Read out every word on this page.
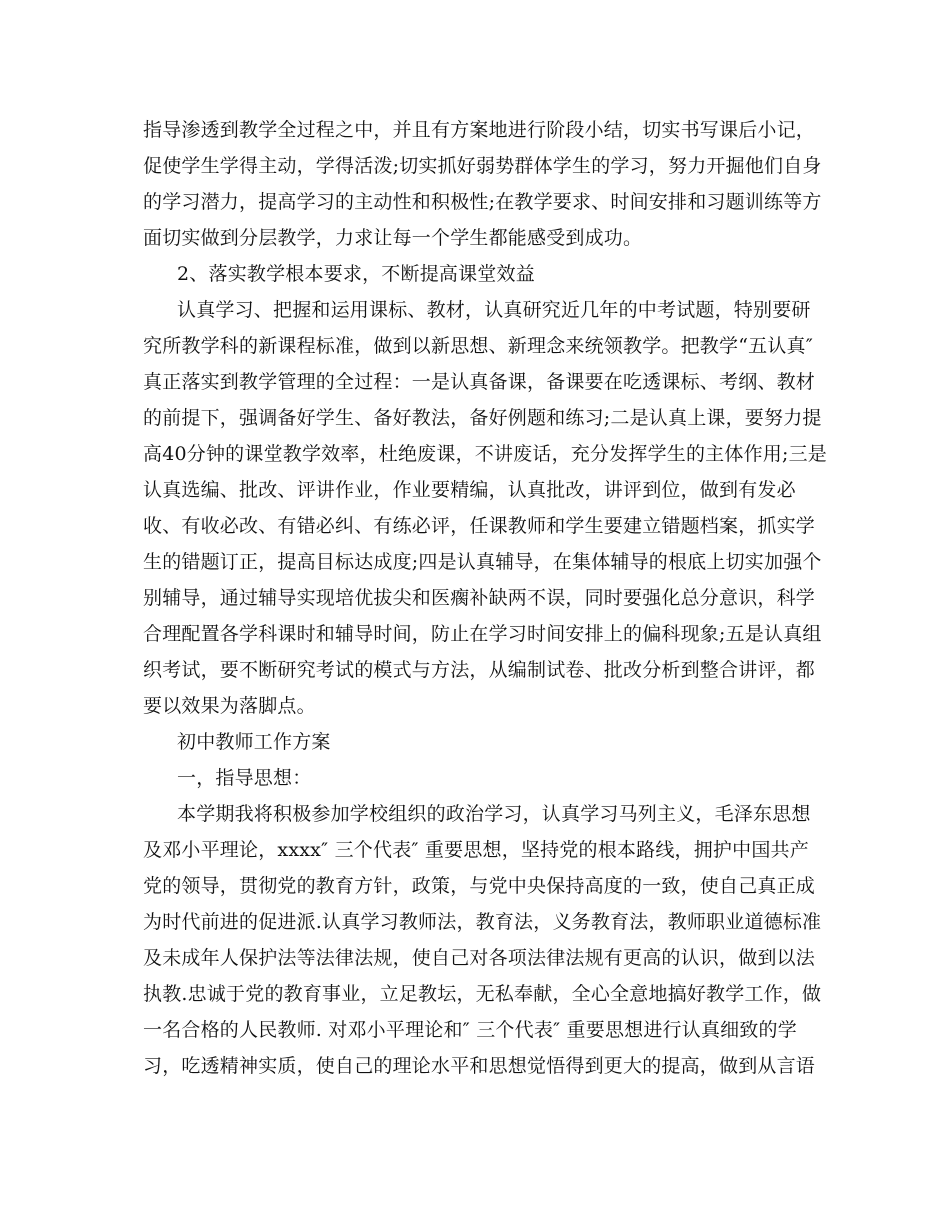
指导渗透到教学全过程之中，并且有方案地进行阶段小结，切实书写课后小记，
促使学生学得主动，学得活泼;切实抓好弱势群体学生的学习，努力开掘他们自身
的学习潜力，提高学习的主动性和积极性;在教学要求、时间安排和习题训练等方
面切实做到分层教学，力求让每一个学生都能感受到成功。
2、落实教学根本要求，不断提高课堂效益
认真学习、把握和运用课标、教材，认真研究近几年的中考试题，特别要研
究所教学科的新课程标准，做到以新思想、新理念来统领教学。把教学“五认真″
真正落实到教学管理的全过程：一是认真备课，备课要在吃透课标、考纲、教材
的前提下，强调备好学生、备好教法，备好例题和练习;二是认真上课，要努力提
高40分钟的课堂教学效率，杜绝废课，不讲废话，充分发挥学生的主体作用;三是
认真选编、批改、评讲作业，作业要精编，认真批改，讲评到位，做到有发必
收、有收必改、有错必纠、有练必评，任课教师和学生要建立错题档案，抓实学
生的错题订正，提高目标达成度;四是认真辅导，在集体辅导的根底上切实加强个
别辅导，通过辅导实现培优拔尖和医瘸补缺两不误，同时要强化总分意识，科学
合理配置各学科课时和辅导时间，防止在学习时间安排上的偏科现象;五是认真组
织考试，要不断研究考试的模式与方法，从编制试卷、批改分析到整合讲评，都
要以效果为落脚点。
初中教师工作方案
一，指导思想：
本学期我将积极参加学校组织的政治学习，认真学习马列主义，毛泽东思想
及邓小平理论，xxxx″ 三个代表″ 重要思想，坚持党的根本路线，拥护中国共产
党的领导，贯彻党的教育方针，政策，与党中央保持高度的一致，使自己真正成
为时代前进的促进派.认真学习教师法，教育法，义务教育法，教师职业道德标准
及未成年人保护法等法律法规，使自己对各项法律法规有更高的认识，做到以法
执教.忠诚于党的教育事业，立足教坛，无私奉献，全心全意地搞好教学工作，做
一名合格的人民教师. 对邓小平理论和″ 三个代表″ 重要思想进行认真细致的学
习，吃透精神实质，使自己的理论水平和思想觉悟得到更大的提高，做到从言语
